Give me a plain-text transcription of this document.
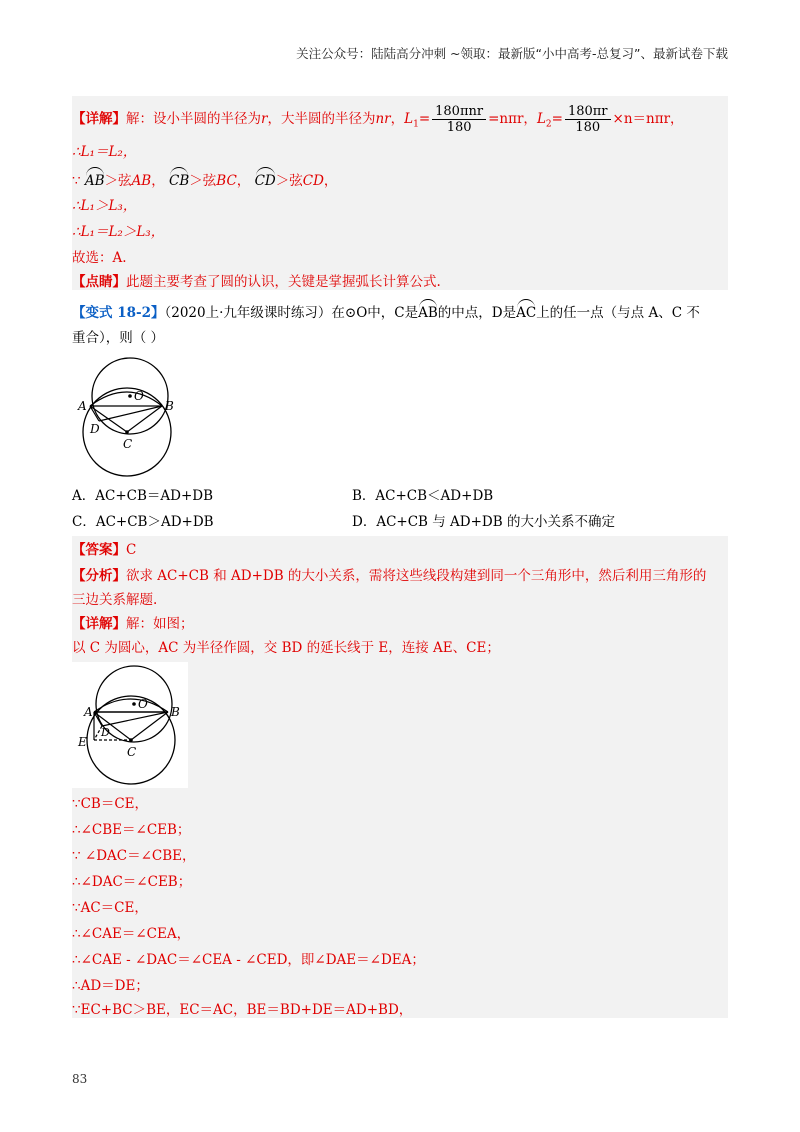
关注公众号：陆陆高分冲刺 ~领取：最新版“小中高考-总复习”、最新试卷下载
【详解】解：设小半圆的半径为r，大半圆的半径为nr，$L_1= \frac{\text{180πnr}}{180} =n\pi r$，$L_2= \frac{180\pi r}{180} \times n=n\pi r$，
∴L₁＝L₂，
∵ AB＞弦AB， CB＞弦BC， CD＞弦CD，
∴L₁＞L₃，
∴L₁＝L₂＞L₃，
故选：A.
【点睛】此题主要考查了圆的认识，关键是掌握弧长计算公式.
【变式 18-2】（2020上·九年级课时练习）在⊙O中，C是AB的中点，D是AC上的任一点（与点 A、C 不
重合），则（ ）
A	B
O
C
D
A．AC+CB＝AD+DB	B．AC+CB＜AD+DB
C．AC+CB＞AD+DB	D．AC+CB 与 AD+DB 的大小关系不确定
【答案】C
【分析】欲求 AC+CB 和 AD+DB 的大小关系，需将这些线段构建到同一个三角形中，然后利用三角形的
三边关系解题.
【详解】解：如图；
以 C 为圆心，AC 为半径作圆，交 BD 的延长线于 E，连接 AE、CE；
A	B
O
C
D
E
∵CB＝CE，
∴∠CBE＝∠CEB；
∵ ∠DAC＝∠CBE，
∴∠DAC＝∠CEB；
∵AC＝CE，
∴∠CAE＝∠CEA，
∴∠CAE - ∠DAC＝∠CEA - ∠CED，即∠DAE＝∠DEA；
∴AD＝DE；
∵EC+BC＞BE，EC＝AC，BE＝BD+DE＝AD+BD，
83
